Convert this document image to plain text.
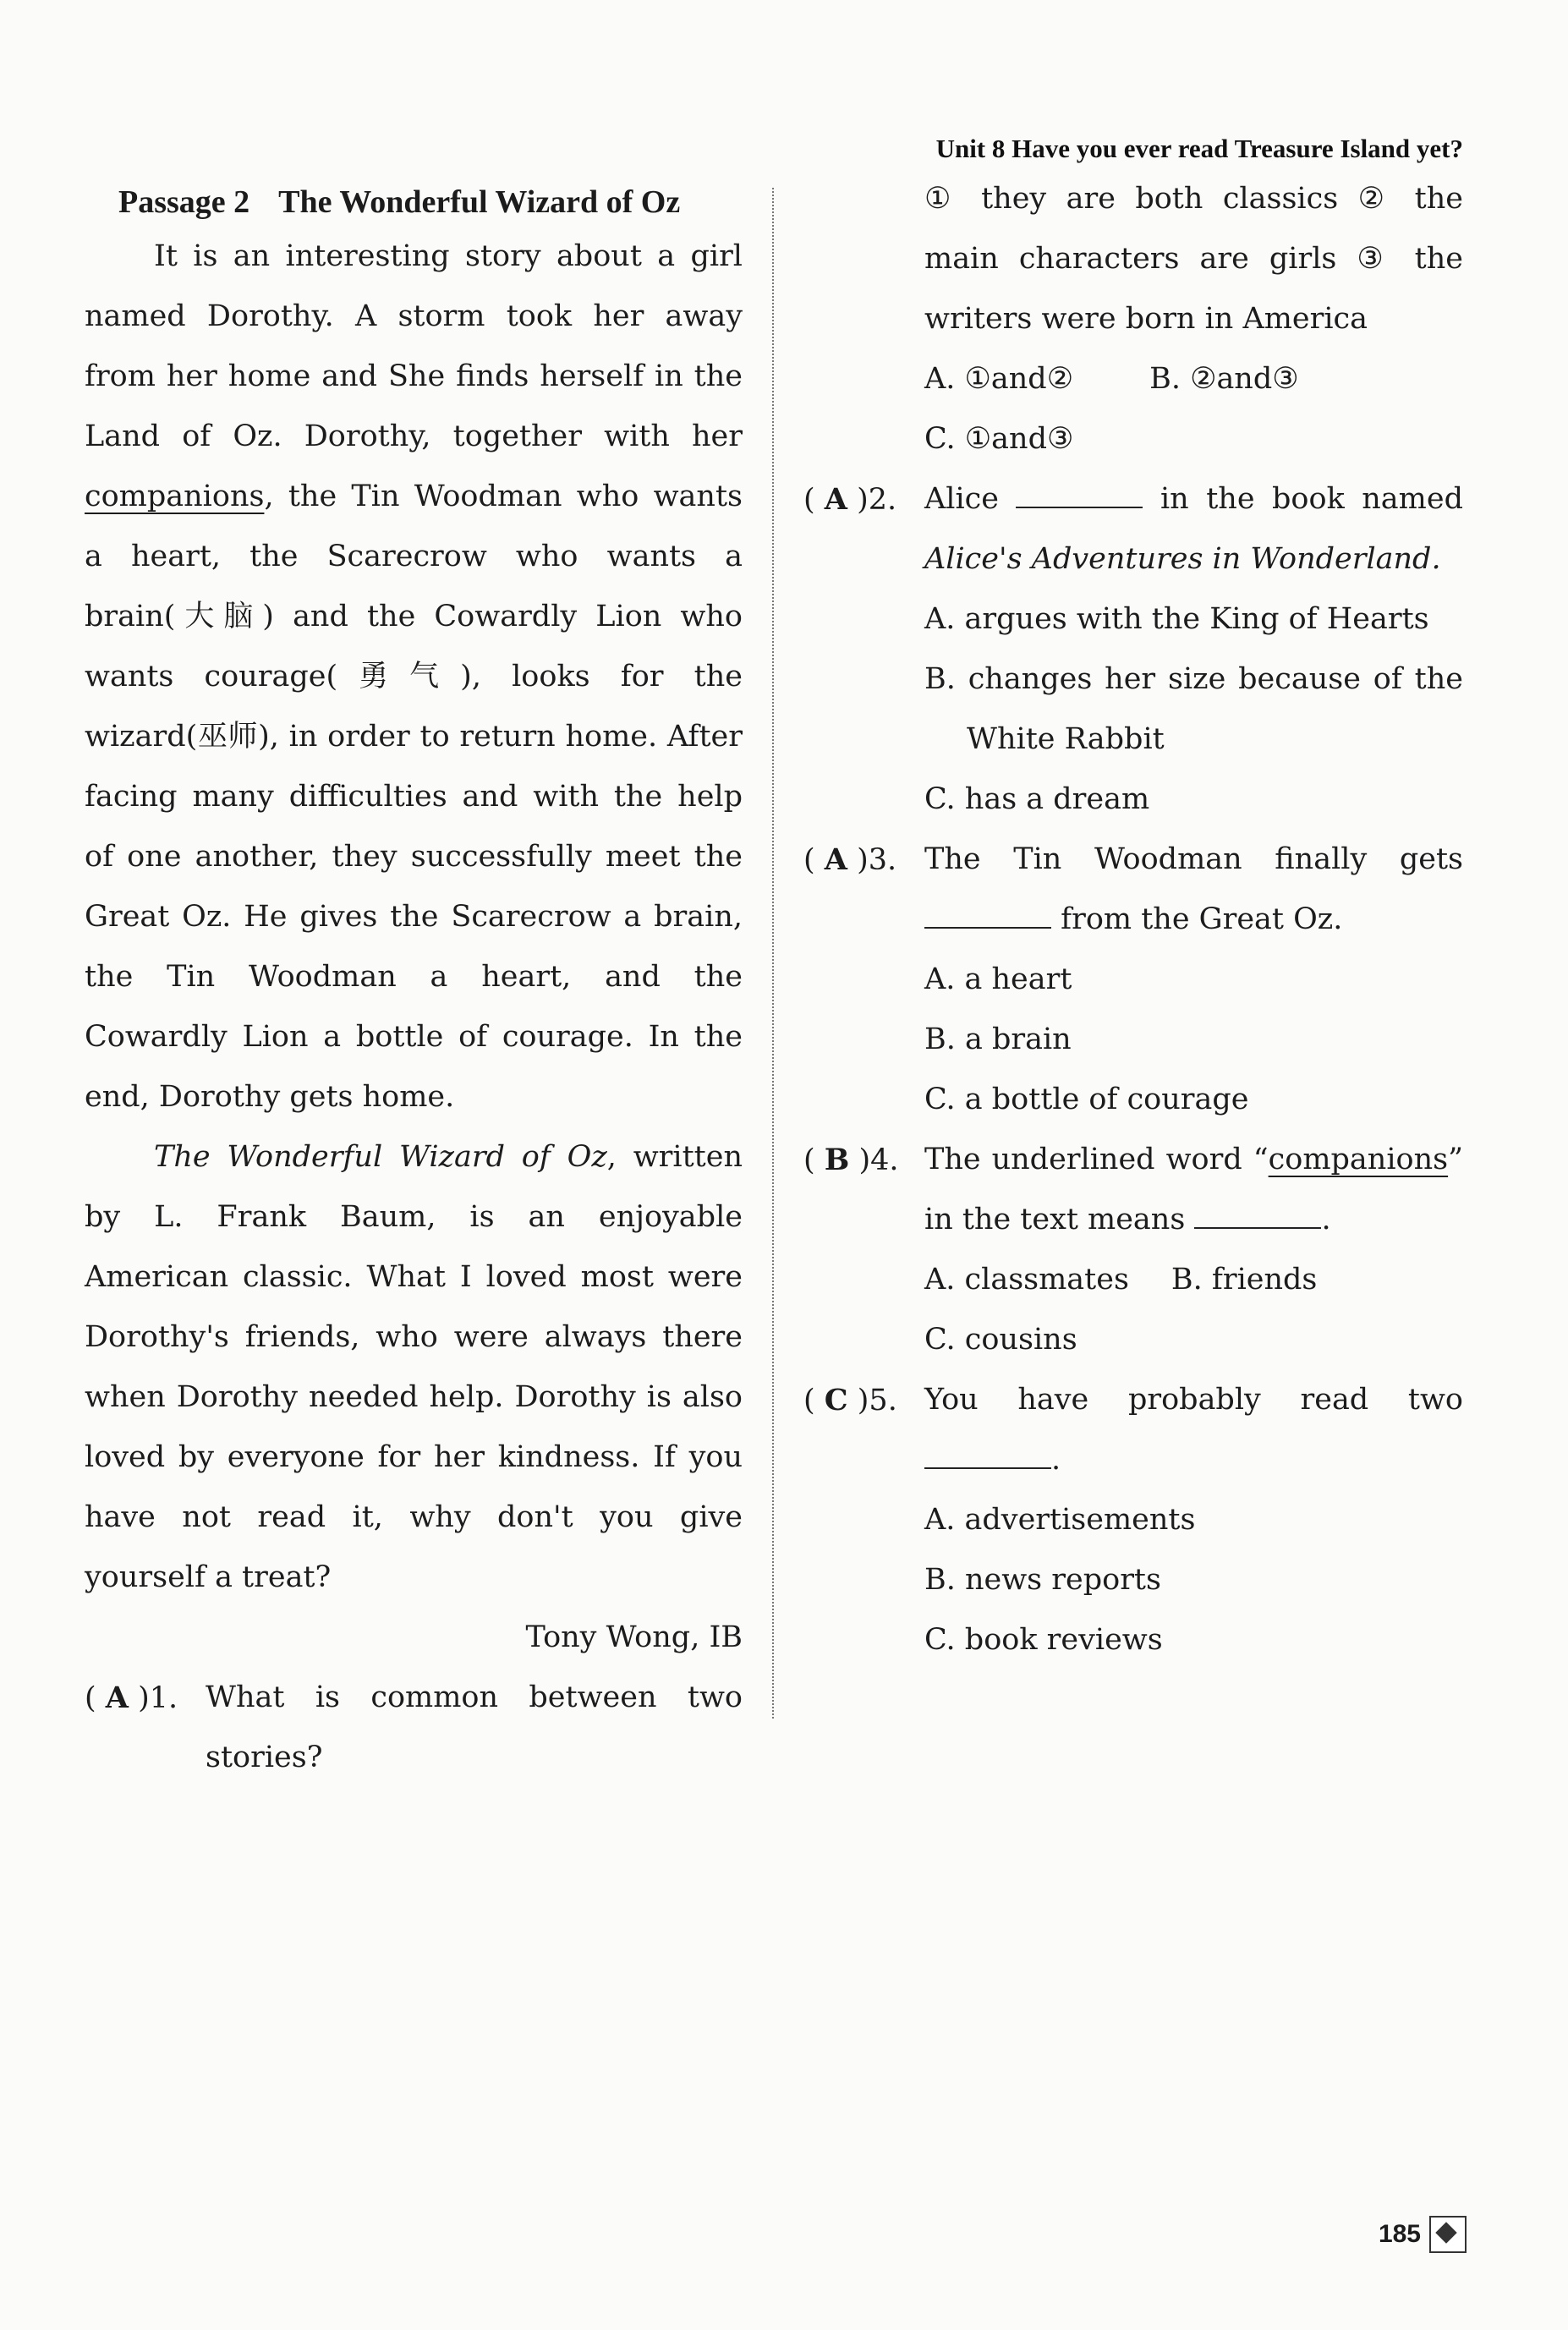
Unit 8 Have you ever read Treasure Island yet?
Passage 2 The Wonderful Wizard of Oz

It is an interesting story about a girl named Dorothy. A storm took her away from her home and She finds herself in the Land of Oz. Dorothy, together with her companions, the Tin Woodman who wants a heart, the Scarecrow who wants a brain(大脑) and the Cowardly Lion who wants courage(勇气), looks for the wizard(巫师), in order to return home. After facing many difficulties and with the help of one another, they successfully meet the Great Oz. He gives the Scarecrow a brain, the Tin Woodman a heart, and the Cowardly Lion a bottle of courage. In the end, Dorothy gets home.

The Wonderful Wizard of Oz, written by L. Frank Baum, is an enjoyable American classic. What I loved most were Dorothy's friends, who were always there when Dorothy needed help. Dorothy is also loved by everyone for her kindness. If you have not read it, why don't you give yourself a treat?

Tony Wong, IB
( A )1. What is common between two stories?
① they are both classics ② the
main characters are girls ③ the
writers were born in America
A. ①and②	B. ②and③
C. ①and③
( A )2. Alice	in the book named
Alice's Adventures in Wonderland.
A. argues with the King of Hearts
B. changes her size because of the
White Rabbit
C. has a dream
( A )3. The Tin Woodman finally gets
from the Great Oz.
A. a heart
B. a brain
C. a bottle of courage
( B )4. The underlined word “companions”
in the text means	.
A. classmates B. friends
C. cousins
( C )5. You have probably read two
.
A. advertisements
B. news reports
C. book reviews
185
